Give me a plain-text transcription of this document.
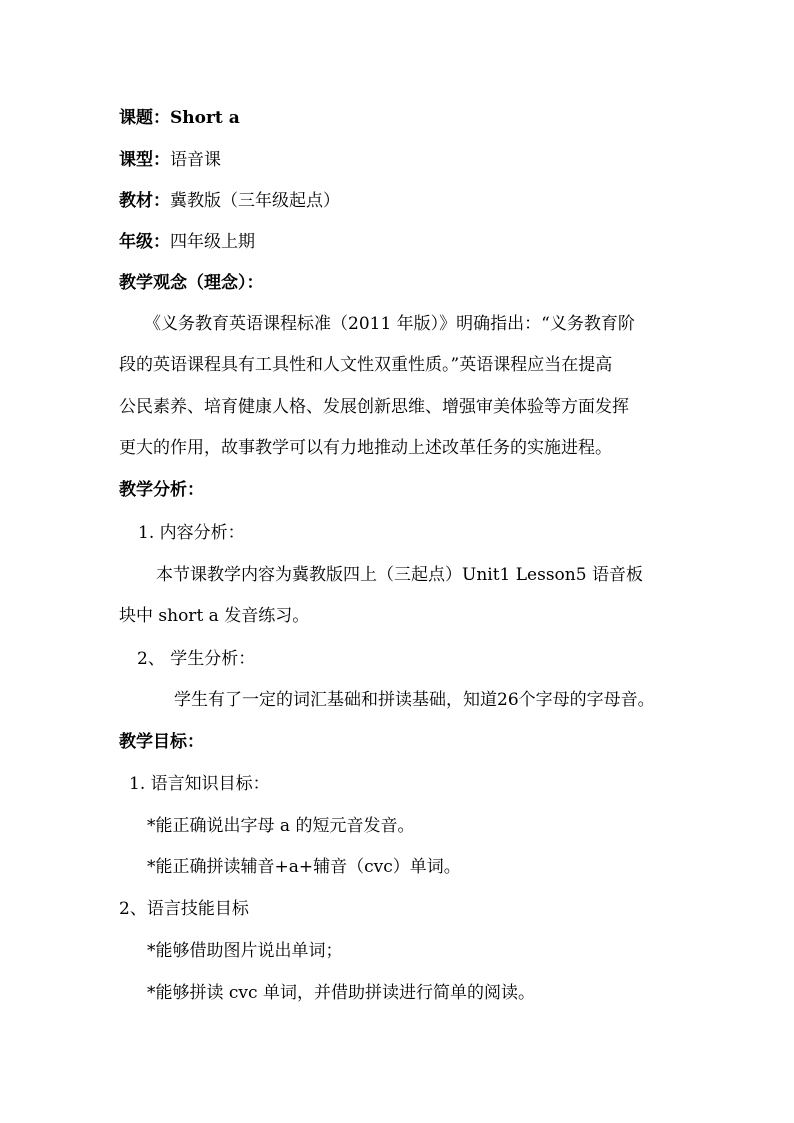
课题：Short a
课型：语音课
教材：冀教版（三年级起点）
年级：四年级上期
教学观念（理念）：
《义务教育英语课程标准（2011 年版）》明确指出：“义务教育阶
段的英语课程具有工具性和人文性双重性质。”英语课程应当在提高
公民素养、培育健康人格、发展创新思维、增强审美体验等方面发挥
更大的作用，故事教学可以有力地推动上述改革任务的实施进程。
教学分析：
1. 内容分析：
本节课教学内容为冀教版四上（三起点）Unit1 Lesson5 语音板
块中 short a 发音练习。
2、 学生分析：
学生有了一定的词汇基础和拼读基础，知道26个字母的字母音。
教学目标：
1. 语言知识目标：
*能正确说出字母 a 的短元音发音。
*能正确拼读辅音+a+辅音（cvc）单词。
2、语言技能目标
*能够借助图片说出单词；
*能够拼读 cvc 单词，并借助拼读进行简单的阅读。
